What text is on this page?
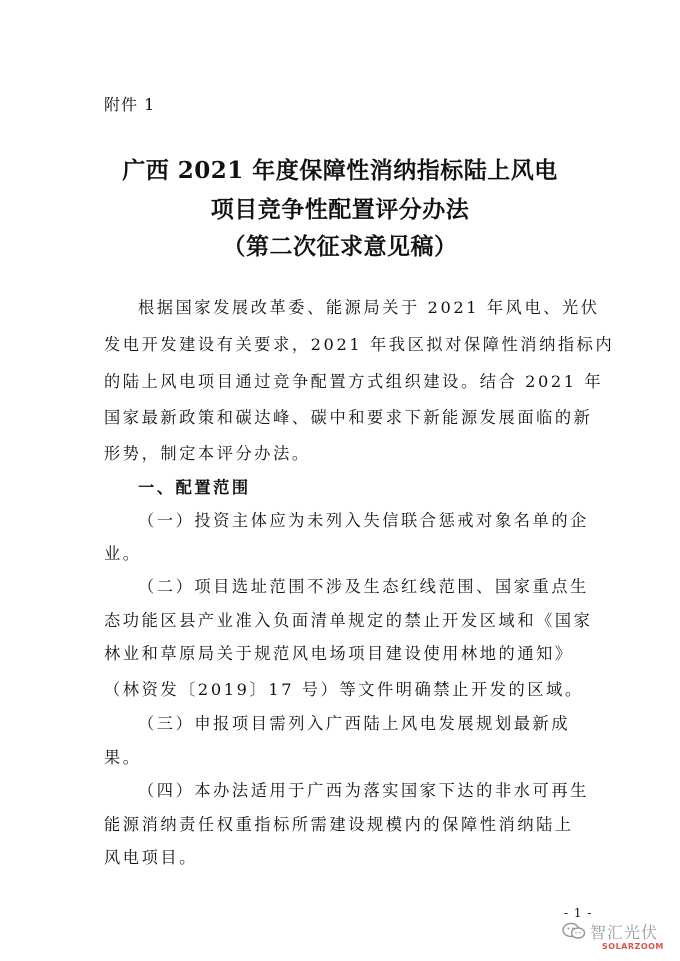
附件 1
广西 2021 年度保障性消纳指标陆上风电
项目竞争性配置评分办法
（第二次征求意见稿）
根据国家发展改革委、能源局关于 2021 年风电、光伏
发电开发建设有关要求，2021 年我区拟对保障性消纳指标内
的陆上风电项目通过竞争配置方式组织建设。结合 2021 年
国家最新政策和碳达峰、碳中和要求下新能源发展面临的新
形势，制定本评分办法。
一、配置范围
（一）投资主体应为未列入失信联合惩戒对象名单的企
业。
（二）项目选址范围不涉及生态红线范围、国家重点生
态功能区县产业准入负面清单规定的禁止开发区域和《国家
林业和草原局关于规范风电场项目建设使用林地的通知》
（林资发〔2019〕17 号）等文件明确禁止开发的区域。
（三）申报项目需列入广西陆上风电发展规划最新成
果。
（四）本办法适用于广西为落实国家下达的非水可再生
能源消纳责任权重指标所需建设规模内的保障性消纳陆上
风电项目。
- 1 -
智汇光伏
SOLARZOOM
